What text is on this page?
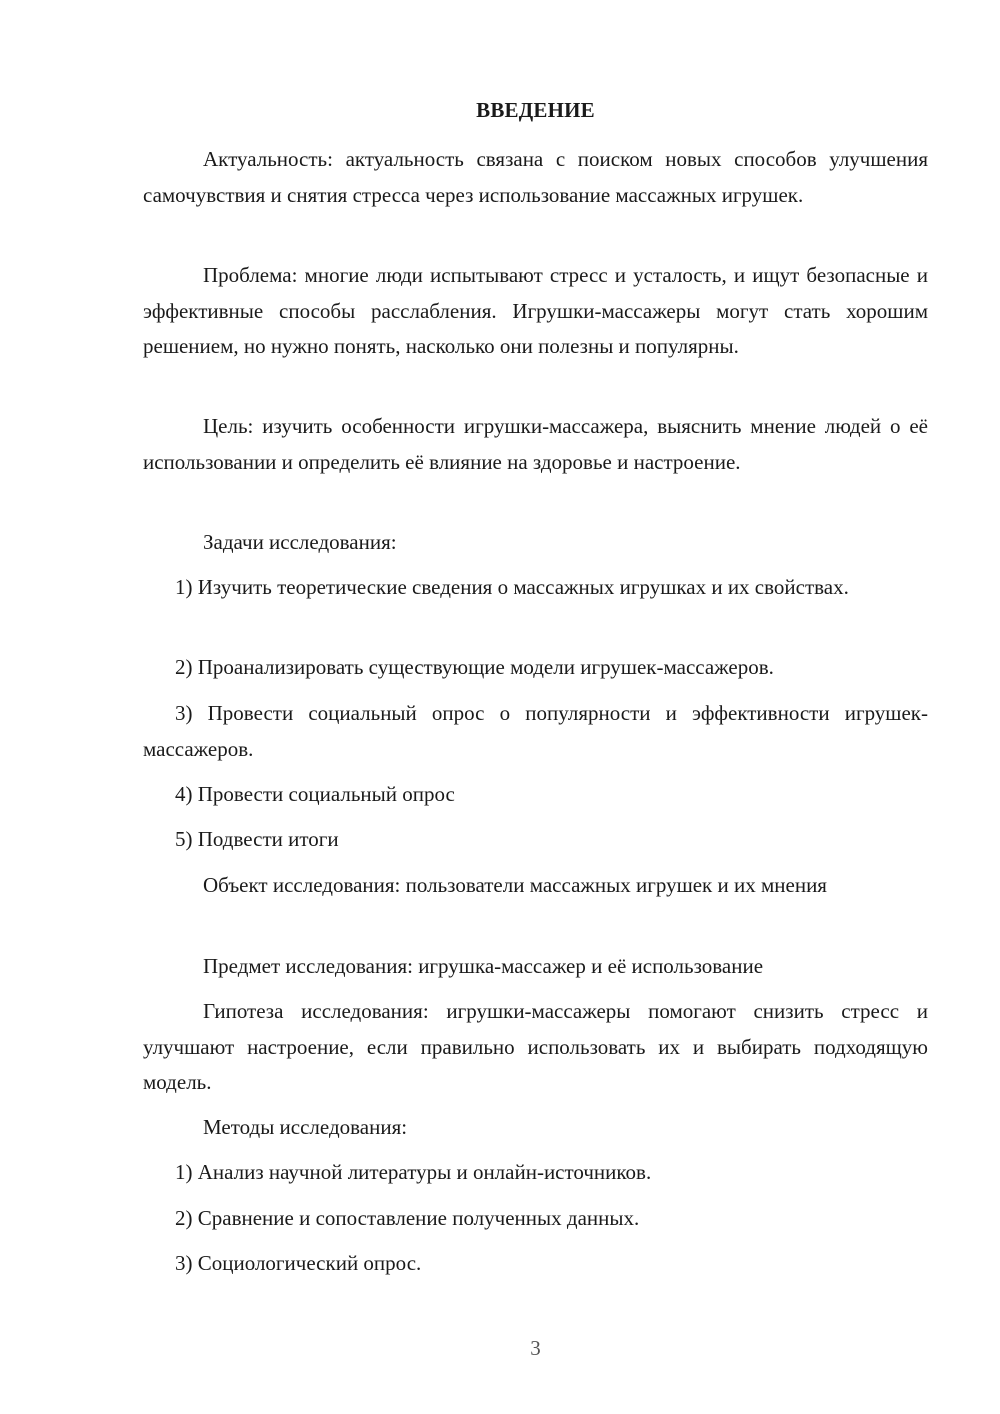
ВВЕДЕНИЕ

Актуальность: актуальность связана с поиском новых способов улучшения самочувствия и снятия стресса через использование массажных игрушек.

Проблема: многие люди испытывают стресс и усталость, и ищут безопасные и эффективные способы расслабления. Игрушки-массажеры могут стать хорошим решением, но нужно понять, насколько они полезны и популярны.

Цель: изучить особенности игрушки-массажера, выяснить мнение людей о её использовании и определить её влияние на здоровье и настроение.

Задачи исследования:

1) Изучить теоретические сведения о массажных игрушках и их свойствах.

2) Проанализировать существующие модели игрушек-массажеров.

3) Провести социальный опрос о популярности и эффективности игрушек-массажеров.

4) Провести социальный опрос

5) Подвести итоги

Объект исследования: пользователи массажных игрушек и их мнения

Предмет исследования: игрушка-массажер и её использование

Гипотеза исследования: игрушки-массажеры помогают снизить стресс и улучшают настроение, если правильно использовать их и выбирать подходящую модель.

Методы исследования:

1) Анализ научной литературы и онлайн-источников.

2) Сравнение и сопоставление полученных данных.

3) Социологический опрос.

3
